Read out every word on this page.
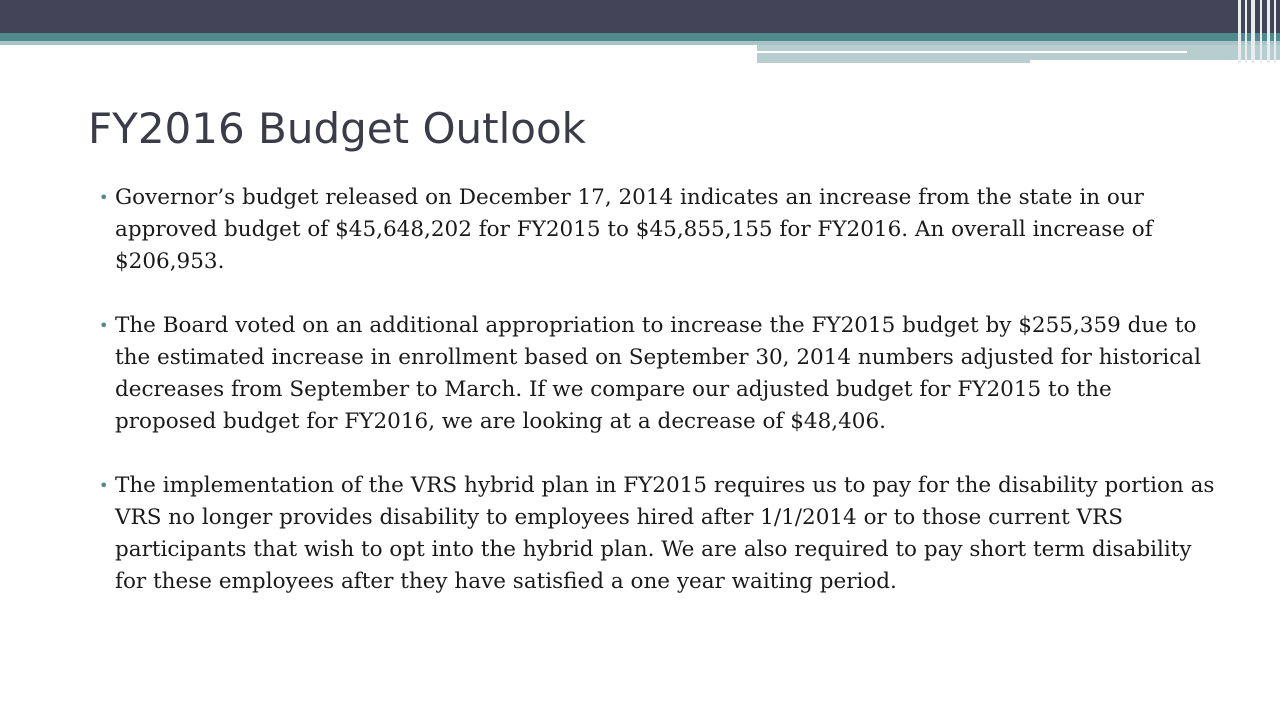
FY2016 Budget Outlook
• Governor’s budget released on December 17, 2014 indicates an increase from the state in our approved budget of $45,648,202 for FY2015 to $45,855,155 for FY2016. An overall increase of $206,953.
• The Board voted on an additional appropriation to increase the FY2015 budget by $255,359 due to the estimated increase in enrollment based on September 30, 2014 numbers adjusted for historical decreases from September to March. If we compare our adjusted budget for FY2015 to the proposed budget for FY2016, we are looking at a decrease of $48,406.
• The implementation of the VRS hybrid plan in FY2015 requires us to pay for the disability portion as VRS no longer provides disability to employees hired after 1/1/2014 or to those current VRS participants that wish to opt into the hybrid plan. We are also required to pay short term disability for these employees after they have satisfied a one year waiting period.
